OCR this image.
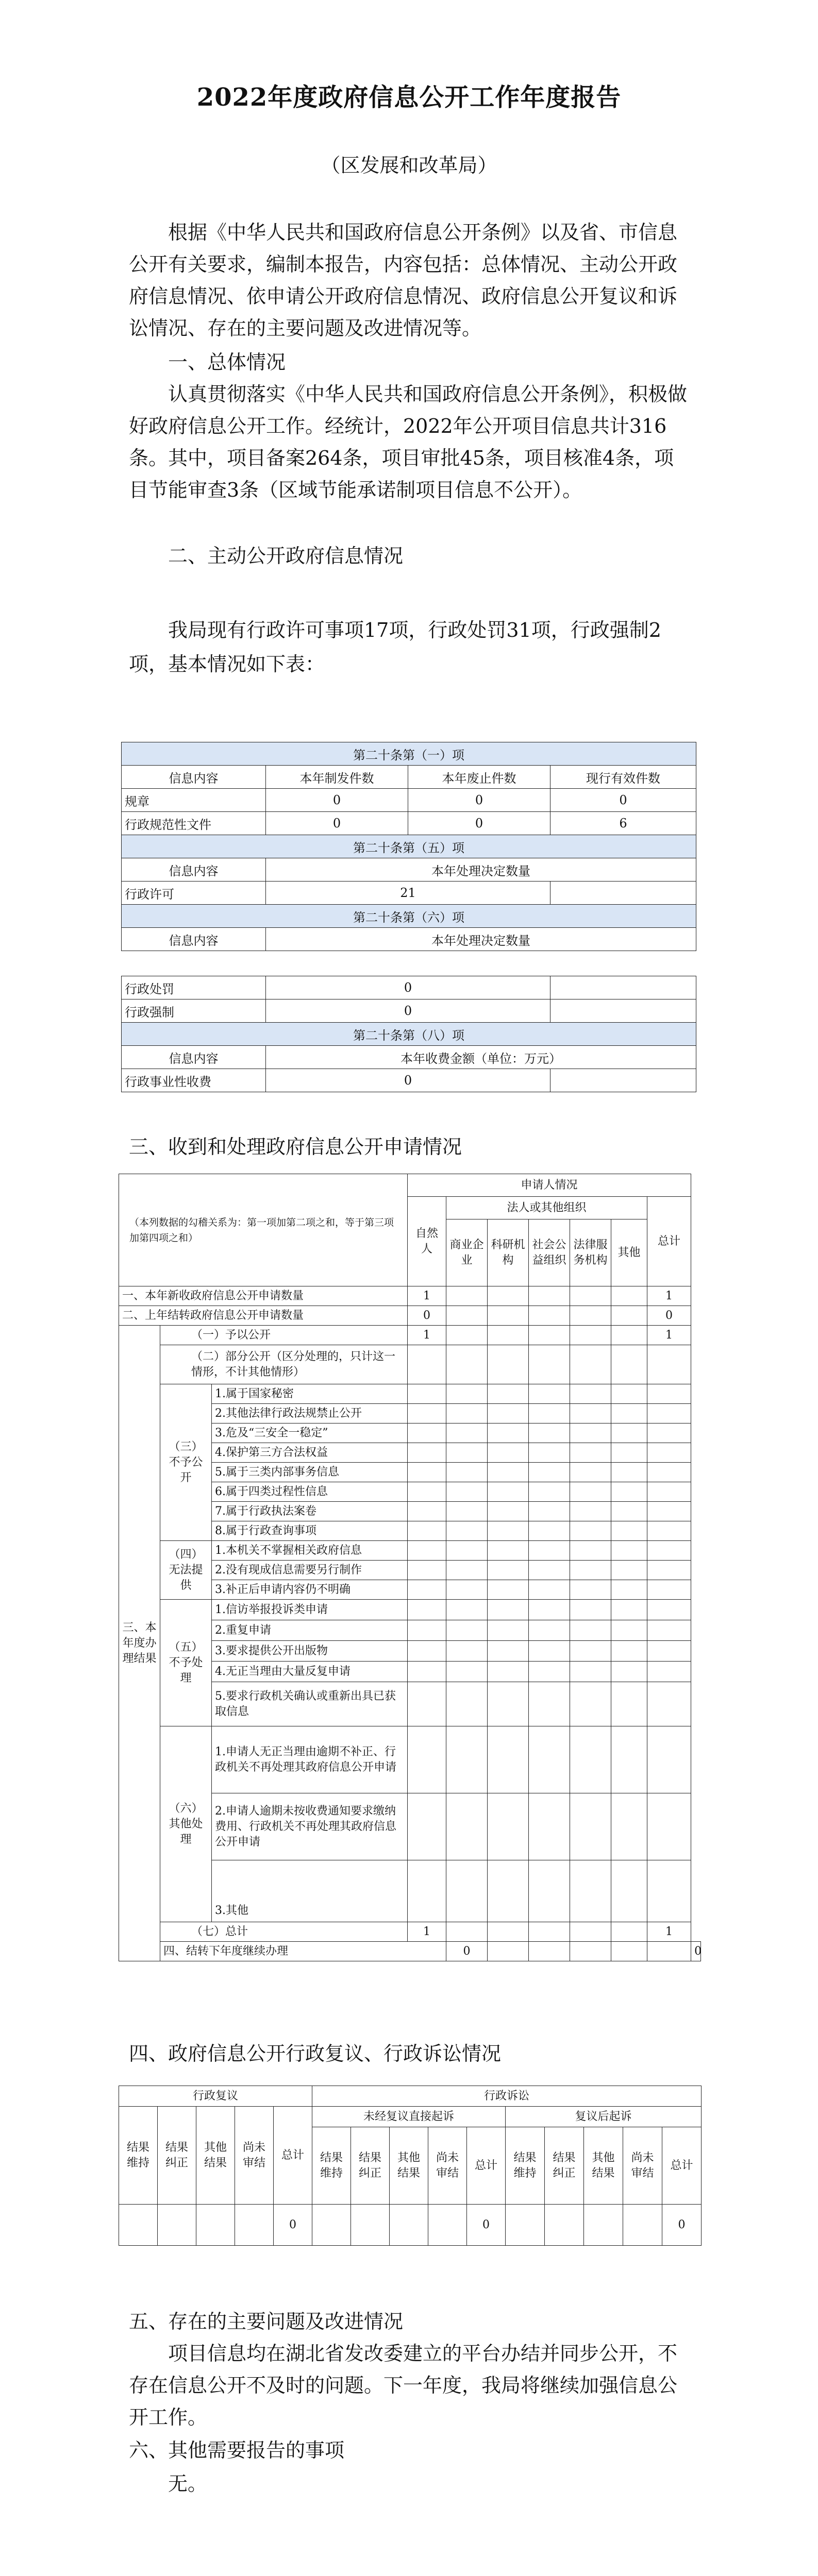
2022年度政府信息公开工作年度报告

（区发展和改革局）

根据《中华人民共和国政府信息公开条例》以及省、市信息公开有关要求，编制本报告，内容包括：总体情况、主动公开政府信息情况、依申请公开政府信息情况、政府信息公开复议和诉讼情况、存在的主要问题及改进情况等。

一、总体情况

认真贯彻落实《中华人民共和国政府信息公开条例》，积极做好政府信息公开工作。经统计，2022年公开项目信息共计316条。其中，项目备案264条，项目审批45条，项目核准4条，项目节能审查3条（区域节能承诺制项目信息不公开）。

二、主动公开政府信息情况

我局现有行政许可事项17项，行政处罚31项，行政强制2项，基本情况如下表：

第二十条第（一）项			
信息内容	本年制发件数	本年废止件数	现行有效件数
规章	0	0	0
行政规范性文件	0	0	6
第二十条第（五）项			
信息内容	本年处理决定数量		
行政许可	21		
第二十条第（六）项			
信息内容	本年处理决定数量		

行政处罚	0		
行政强制	0		
第二十条第（八）项			
信息内容	本年收费金额（单位：万元）		
行政事业性收费	0		

三、收到和处理政府信息公开申请情况

（本列数据的勾稽关系为：第一项加第二项之和，等于第三项加第四项之和）			申请人情况							
			自然人	法人或其他组织					总计	
				商业企业	科研机构	社会公益组织	法律服务机构	其他		
一、本年新收政府信息公开申请数量			1						1	
二、上年结转政府信息公开申请数量			0						0	
三、本年度办理结果	（一）予以公开		1						1	
	（二）部分公开（区分处理的，只计这一情形，不计其他情形）									
	（三）不予公开	1.属于国家秘密								
		2.其他法律行政法规禁止公开								
		3.危及“三安全一稳定”								
		4.保护第三方合法权益								
		5.属于三类内部事务信息								
		6.属于四类过程性信息								
		7.属于行政执法案卷								
		8.属于行政查询事项								
	（四）无法提供	1.本机关不掌握相关政府信息								
		2.没有现成信息需要另行制作								
		3.补正后申请内容仍不明确								
	（五）不予处理	1.信访举报投诉类申请								
		2.重复申请								
		3.要求提供公开出版物								
		4.无正当理由大量反复申请								
		5.要求行政机关确认或重新出具已获取信息								
	（六）其他处理	1.申请人无正当理由逾期不补正、行政机关不再处理其政府信息公开申请								
		2.申请人逾期未按收费通知要求缴纳费用、行政机关不再处理其政府信息公开申请								
		3.其他								
	（七）总计		1						1	
	四、结转下年度继续办理			0						0

四、政府信息公开行政复议、行政诉讼情况

行政复议					行政诉讼									
结果维持	结果纠正	其他结果	尚未审结	总计	未经复议直接起诉					复议后起诉				
					结果维持	结果纠正	其他结果	尚未审结	总计	结果维持	结果纠正	其他结果	尚未审结	总计
				0					0					0

五、存在的主要问题及改进情况

项目信息均在湖北省发改委建立的平台办结并同步公开，不存在信息公开不及时的问题。下一年度，我局将继续加强信息公开工作。

六、其他需要报告的事项

无。
